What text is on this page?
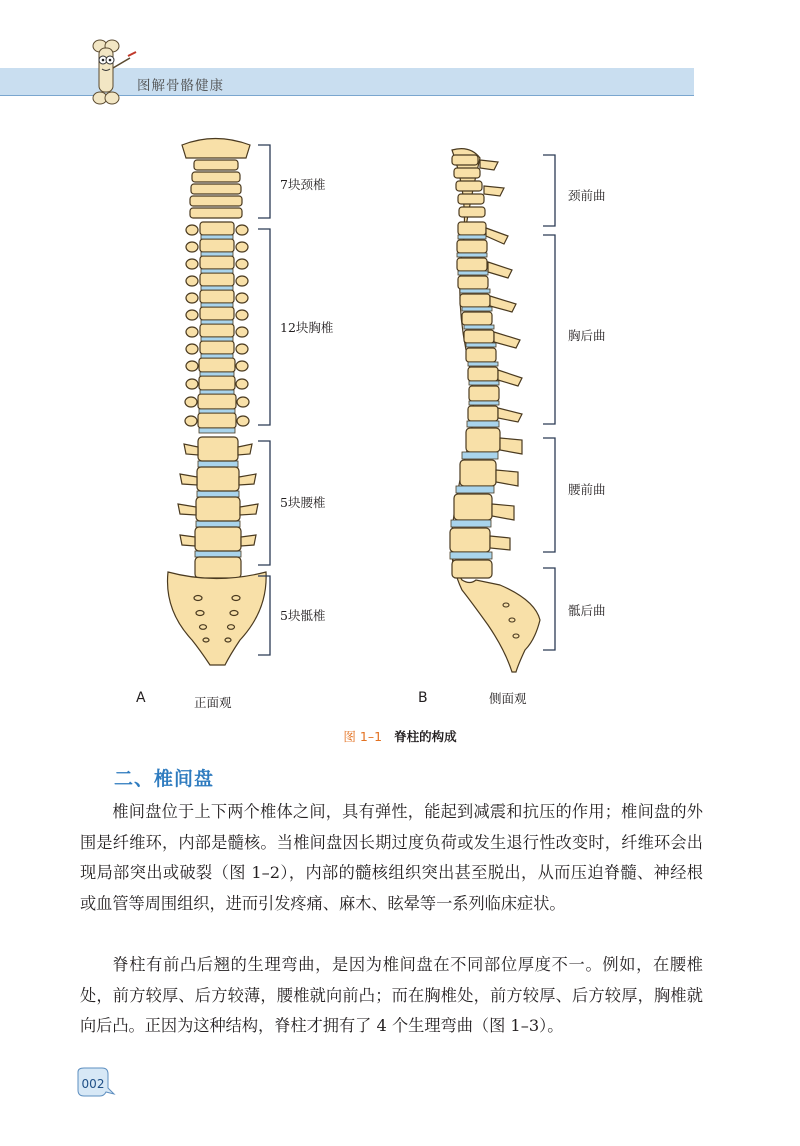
图解骨骼健康
7块颈椎
12块胸椎
5块腰椎
5块骶椎
颈前曲
胸后曲
腰前曲
骶后曲
A	正面观	B	侧面观
图 1–1 脊柱的构成
二、椎间盘

椎间盘位于上下两个椎体之间，具有弹性，能起到减震和抗压的作用；椎间盘的外围是纤维环，内部是髓核。当椎间盘因长期过度负荷或发生退行性改变时，纤维环会出现局部突出或破裂（图 1–2），内部的髓核组织突出甚至脱出，从而压迫脊髓、神经根或血管等周围组织，进而引发疼痛、麻木、眩晕等一系列临床症状。

脊柱有前凸后翘的生理弯曲，是因为椎间盘在不同部位厚度不一。例如，在腰椎处，前方较厚、后方较薄，腰椎就向前凸；而在胸椎处，前方较厚、后方较厚，胸椎就向后凸。正因为这种结构，脊柱才拥有了 4 个生理弯曲（图 1–3）。

002
